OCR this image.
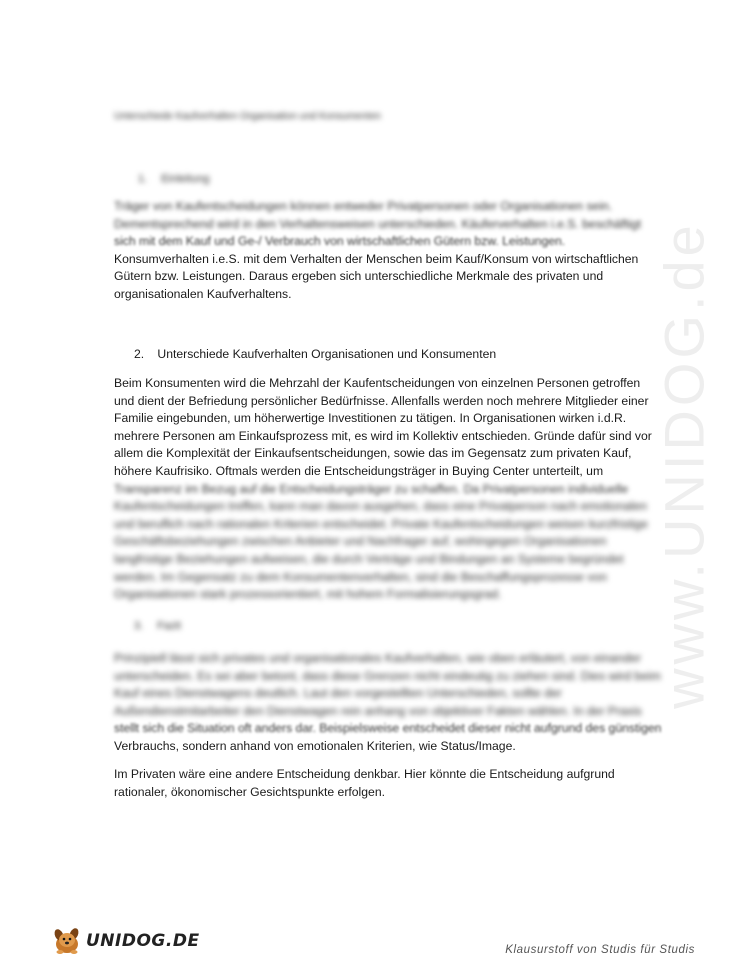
www.UNIDOG.de
Unterschiede Kaufverhalten Organisation und Konsumenten
1. Einleitung
Träger von Kaufentscheidungen können entweder Privatpersonen oder Organisationen sein.
Dementsprechend wird in den Verhaltensweisen unterschieden. Käuferverhalten i.e.S. beschäftigt
sich mit dem Kauf und Ge-/ Verbrauch von wirtschaftlichen Gütern bzw. Leistungen.
Konsumverhalten i.e.S. mit dem Verhalten der Menschen beim Kauf/Konsum von wirtschaftlichen
Gütern bzw. Leistungen. Daraus ergeben sich unterschiedliche Merkmale des privaten und
organisationalen Kaufverhaltens.
2. Unterschiede Kaufverhalten Organisationen und Konsumenten
Beim Konsumenten wird die Mehrzahl der Kaufentscheidungen von einzelnen Personen getroffen
und dient der Befriedung persönlicher Bedürfnisse. Allenfalls werden noch mehrere Mitglieder einer
Familie eingebunden, um höherwertige Investitionen zu tätigen. In Organisationen wirken i.d.R.
mehrere Personen am Einkaufsprozess mit, es wird im Kollektiv entschieden. Gründe dafür sind vor
allem die Komplexität der Einkaufsentscheidungen, sowie das im Gegensatz zum privaten Kauf,
höhere Kaufrisiko. Oftmals werden die Entscheidungsträger in Buying Center unterteilt, um
Transparenz im Bezug auf die Entscheidungsträger zu schaffen. Da Privatpersonen individuelle
Kaufentscheidungen treffen, kann man davon ausgehen, dass eine Privatperson nach emotionalen
und beruflich nach rationalen Kriterien entscheidet. Private Kaufentscheidungen weisen kurzfristige
Geschäftsbeziehungen zwischen Anbieter und Nachfrager auf, wohingegen Organisationen
langfristige Beziehungen aufweisen, die durch Verträge und Bindungen an Systeme begründet
werden. Im Gegensatz zu dem Konsumentenverhalten, sind die Beschaffungsprozesse von
Organisationen stark prozessorientiert, mit hohem Formalisierungsgrad.
3. Fazit
Prinzipiell lässt sich privates und organisationales Kaufverhalten, wie oben erläutert, von einander
unterscheiden. Es sei aber betont, dass diese Grenzen nicht eindeutig zu ziehen sind. Dies wird beim
Kauf eines Dienstwagens deutlich. Laut den vorgestellten Unterschieden, sollte der
Außendienstmitarbeiter den Dienstwagen rein anhang von objektiver Fakten wählen. In der Praxis
stellt sich die Situation oft anders dar. Beispielsweise entscheidet dieser nicht aufgrund des günstigen
Verbrauchs, sondern anhand von emotionalen Kriterien, wie Status/Image.
Im Privaten wäre eine andere Entscheidung denkbar. Hier könnte die Entscheidung aufgrund
rationaler, ökonomischer Gesichtspunkte erfolgen.
UNIDOG.DE	Klausurstoff von Studis für Studis
